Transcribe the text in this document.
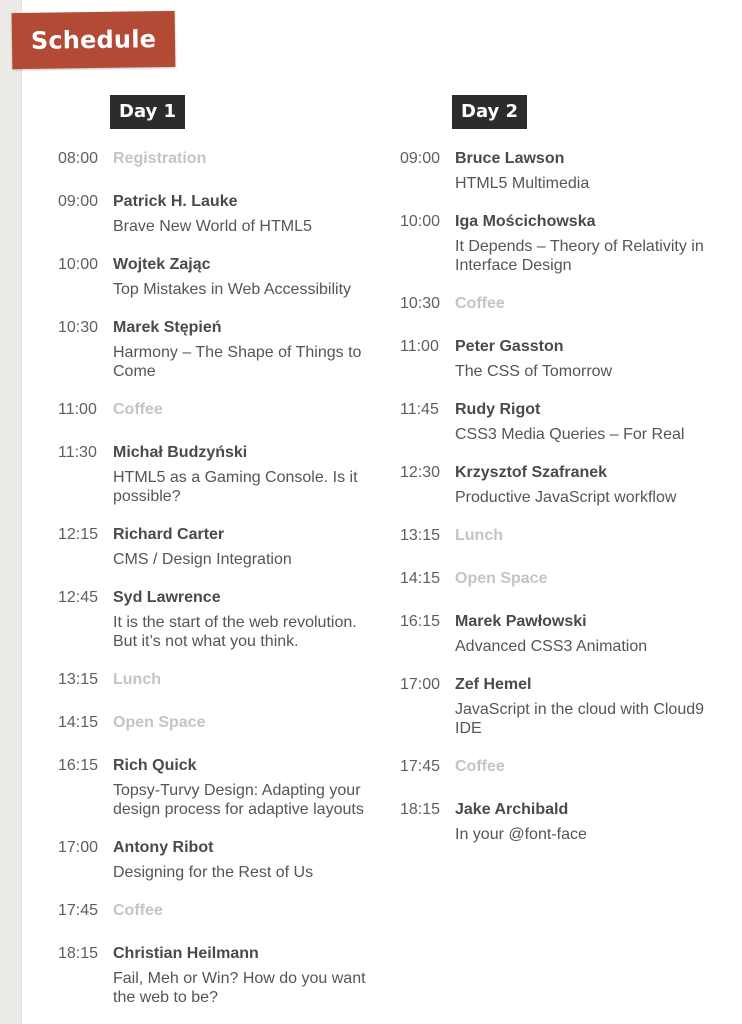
Schedule
Day 1
08:00 Registration
09:00 Patrick H. Lauke
Brave New World of HTML5
10:00 Wojtek Zając
Top Mistakes in Web Accessibility
10:30 Marek Stępień
Harmony – The Shape of Things to Come
11:00	Coffee
11:30	Michał Budzyński
HTML5 as a Gaming Console. Is it possible?
12:15 Richard Carter
CMS / Design Integration
12:45 Syd Lawrence
It is the start of the web revolution. But it’s not what you think.
13:15 Lunch
14:15 Open Space
16:15 Rich Quick
Topsy-Turvy Design: Adapting your design process for adaptive layouts
17:00 Antony Ribot
Designing for the Rest of Us
17:45 Coffee
18:15 Christian Heilmann
Fail, Meh or Win? How do you want the web to be?
Day 2
09:00 Bruce Lawson
HTML5 Multimedia
10:00 Iga Mościchowska
It Depends – Theory of Relativity in Interface Design
10:30 Coffee
11:00	Peter Gasston
The CSS of Tomorrow
11:45	Rudy Rigot
CSS3 Media Queries – For Real
12:30 Krzysztof Szafranek
Productive JavaScript workflow
13:15 Lunch
14:15 Open Space
16:15 Marek Pawłowski
Advanced CSS3 Animation
17:00 Zef Hemel
JavaScript in the cloud with Cloud9 IDE
17:45 Coffee
18:15 Jake Archibald
In your @font-face
